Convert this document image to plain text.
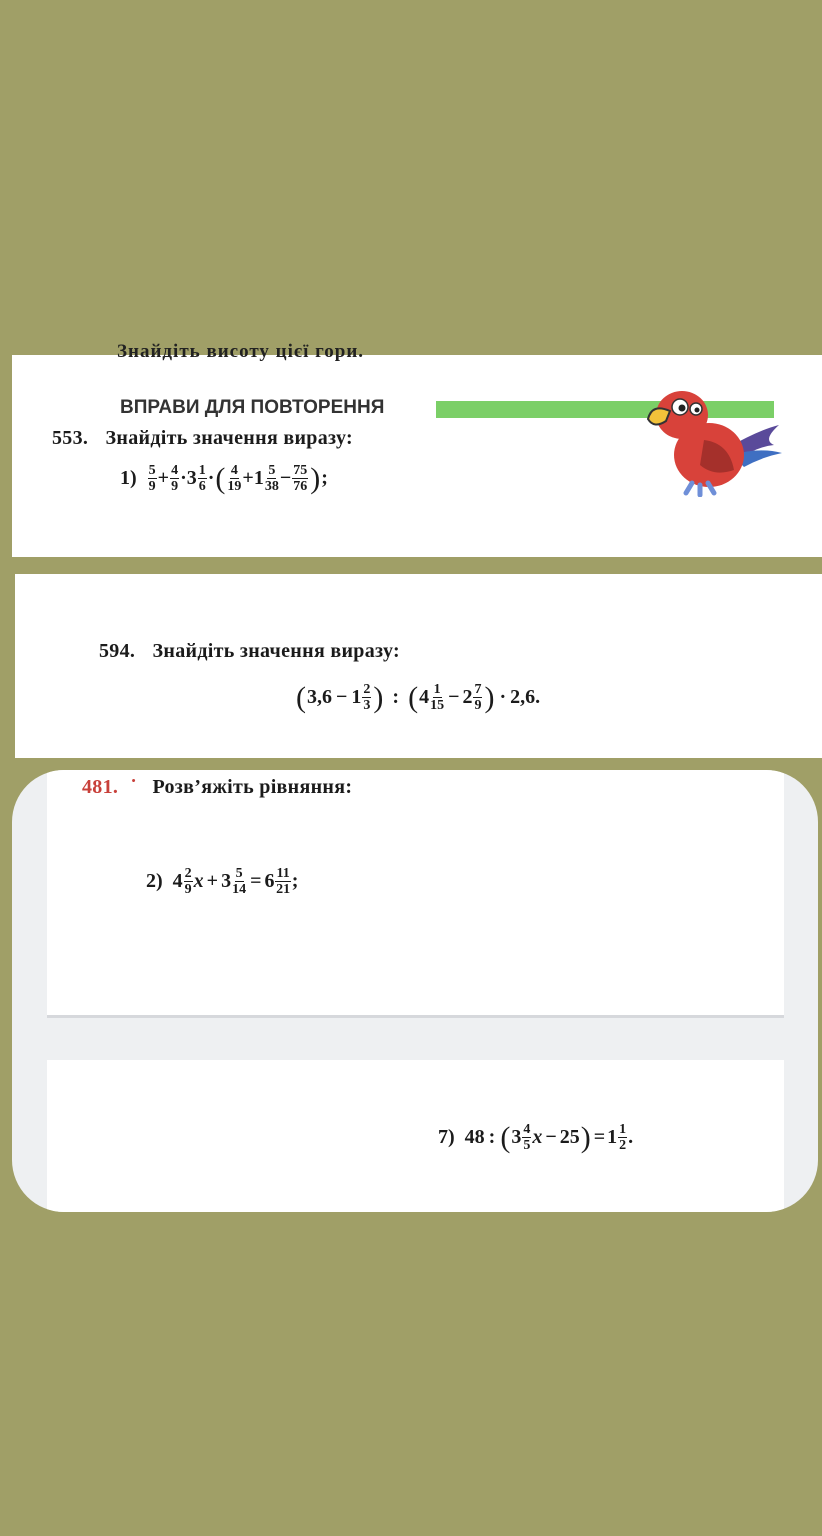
Знайдіть висоту цієї гори.
ВПРАВИ ДЛЯ ПОВТОРЕННЯ
553. Знайдіть значення виразу:
$1) \frac{5}{9} + \frac{4}{9} \cdot 3 \frac{1}{6}$ · ( $\frac{4}{19} + 1 \frac{5}{38} - \frac{75}{76}$ ) ;
594. Знайдіть значення виразу:
( $3,6 - 1 \frac{2}{3}$ ) : ( $4 \frac{1}{15} - 2 \frac{7}{9}$ ) · 2,6.
481. ˙ Розв’яжіть рівняння:
2) $4 \frac{2}{9}$ $x + 3 \frac{5}{14} = 6 \frac{11}{21}$ ;
7) 48 : ( $3 \frac{4}{5}$ x − 25 ) = $1 \frac{1}{2}$ .
